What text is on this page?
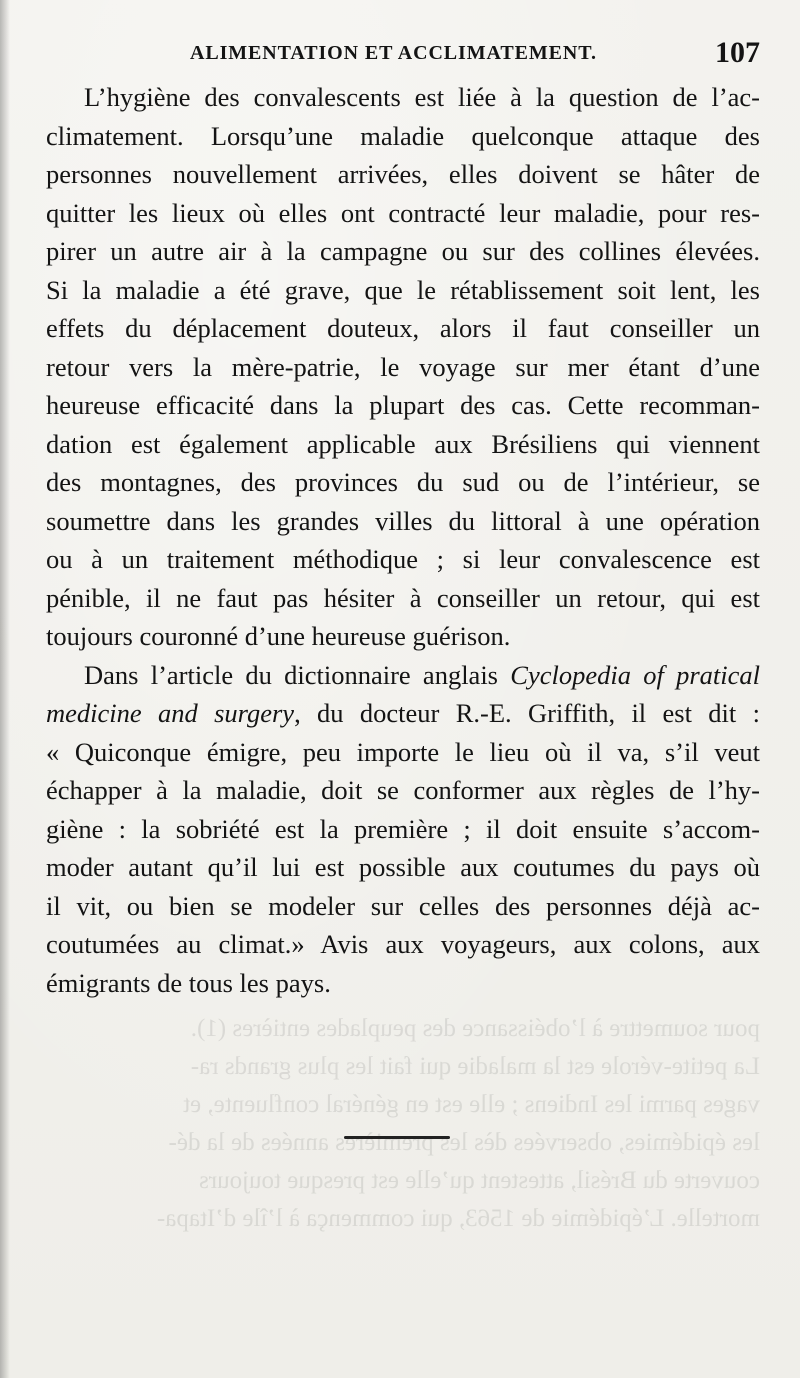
pour soumettre à l’obéissance des peuplades entières (1).
La petite-vérole est la maladie qui fait les plus grands ra-
vages parmi les Indiens ; elle est en général confluente, et
les épidémies, observées dès les premières années de la dé-
couverte du Brésil, attestent qu’elle est presque toujours
mortelle. L’épidémie de 1563, qui commença à l’île d’Itapa-
ALIMENTATION ET ACCLIMATEMENT.	107
L’hygiène des convalescents est liée à la question de l’ac-
climatement. Lorsqu’une maladie quelconque attaque des
personnes nouvellement arrivées, elles doivent se hâter de
quitter les lieux où elles ont contracté leur maladie, pour res-
pirer un autre air à la campagne ou sur des collines élevées.
Si la maladie a été grave, que le rétablissement soit lent, les
effets du déplacement douteux, alors il faut conseiller un
retour vers la mère-patrie, le voyage sur mer étant d’une
heureuse efficacité dans la plupart des cas. Cette recomman-
dation est également applicable aux Brésiliens qui viennent
des montagnes, des provinces du sud ou de l’intérieur, se
soumettre dans les grandes villes du littoral à une opération
ou à un traitement méthodique ; si leur convalescence est
pénible, il ne faut pas hésiter à conseiller un retour, qui est
toujours couronné d’une heureuse guérison.
Dans l’article du dictionnaire anglais Cyclopedia of pratical
medicine and surgery, du docteur R.-E. Griffith, il est dit :
« Quiconque émigre, peu importe le lieu où il va, s’il veut
échapper à la maladie, doit se conformer aux règles de l’hy-
giène : la sobriété est la première ; il doit ensuite s’accom-
moder autant qu’il lui est possible aux coutumes du pays où
il vit, ou bien se modeler sur celles des personnes déjà ac-
coutumées au climat.» Avis aux voyageurs, aux colons, aux
émigrants de tous les pays.
